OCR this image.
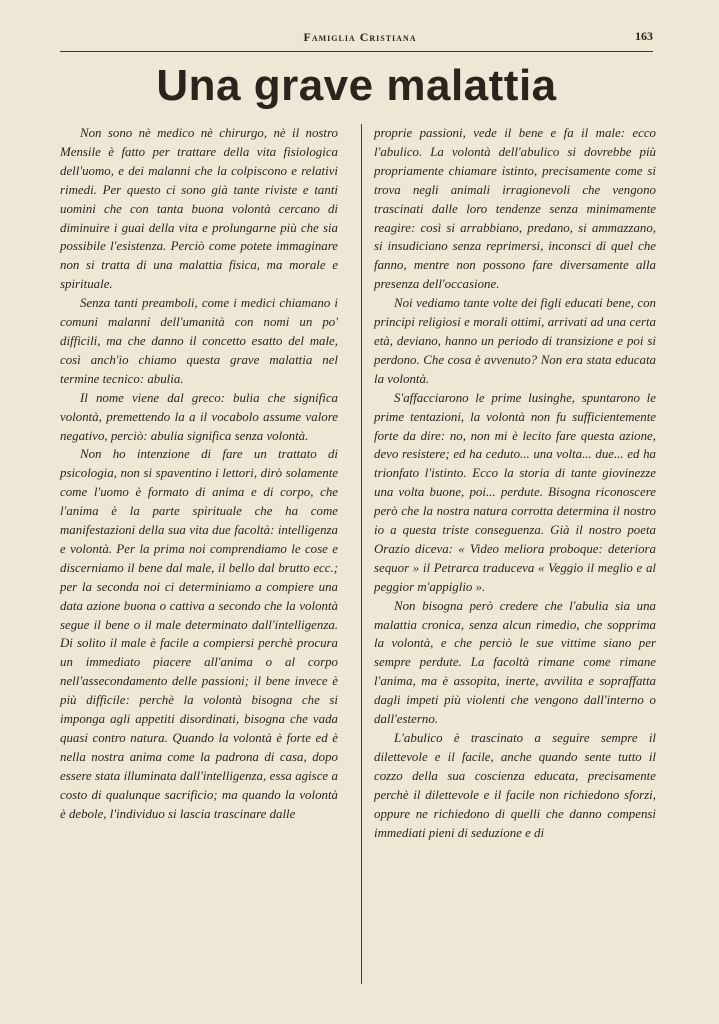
Famiglia Cristiana	163
Una grave malattia

Non sono nè medico nè chirurgo, nè il nostro Mensile è fatto per trattare della vita fisiologica dell'uomo, e dei malanni che la colpiscono e relativi rimedi. Per questo ci sono già tante riviste e tanti uomini che con tanta buona volontà cercano di diminuire i guai della vita e prolungarne più che sia possibile l'esistenza. Perciò come potete immaginare non si tratta di una malattia fisica, ma morale e spirituale.

Senza tanti preamboli, come i medici chiamano i comuni malanni dell'umanità con nomi un po' difficili, ma che danno il concetto esatto del male, così anch'io chiamo questa grave malattia nel termine tecnico: abulia.

Il nome viene dal greco: bulia che significa volontà, premettendo la a il vocabolo assume valore negativo, perciò: abulia significa senza volontà.

Non ho intenzione di fare un trattato di psicologia, non si spaventino i lettori, dirò solamente come l'uomo è formato di anima e di corpo, che l'anima è la parte spirituale che ha come manifestazioni della sua vita due facoltà: intelligenza e volontà. Per la prima noi comprendiamo le cose e discerniamo il bene dal male, il bello dal brutto ecc.; per la seconda noi ci determiniamo a compiere una data azione buona o cattiva a secondo che la volontà segue il bene o il male determinato dall'intelligenza. Di solito il male è facile a compiersi perchè procura un immediato piacere all'anima o al corpo nell'assecondamento delle passioni; il bene invece è più difficile: perchè la volontà bisogna che si imponga agli appetiti disordinati, bisogna che vada quasi contro natura. Quando la volontà è forte ed è nella nostra anima come la padrona di casa, dopo essere stata illuminata dall'intelligenza, essa agisce a costo di qualunque sacrificio; ma quando la volontà è debole, l'individuo si lascia trascinare dalle

proprie passioni, vede il bene e fa il male: ecco l'abulico. La volontà dell'abulico si dovrebbe più propriamente chiamare istinto, precisamente come si trova negli animali irragionevoli che vengono trascinati dalle loro tendenze senza minimamente reagire: così si arrabbiano, predano, si ammazzano, si insudiciano senza reprimersi, inconsci di quel che fanno, mentre non possono fare diversamente alla presenza dell'occasione.

Noi vediamo tante volte dei figli educati bene, con principi religiosi e morali ottimi, arrivati ad una certa età, deviano, hanno un periodo di transizione e poi si perdono. Che cosa è avvenuto? Non era stata educata la volontà.

S'affacciarono le prime lusinghe, spuntarono le prime tentazioni, la volontà non fu sufficientemente forte da dire: no, non mi è lecito fare questa azione, devo resistere; ed ha ceduto... una volta... due... ed ha trionfato l'istinto. Ecco la storia di tante giovinezze una volta buone, poi... perdute. Bisogna riconoscere però che la nostra natura corrotta determina il nostro io a questa triste conseguenza. Già il nostro poeta Orazio diceva: « Video meliora proboque: deteriora sequor » il Petrarca traduceva « Veggio il meglio e al peggior m'appiglio ».

Non bisogna però credere che l'abulia sia una malattia cronica, senza alcun rimedio, che sopprima la volontà, e che perciò le sue vittime siano per sempre perdute. La facoltà rimane come rimane l'anima, ma è assopita, inerte, avvilita e sopraffatta dagli impeti più violenti che vengono dall'interno o dall'esterno.

L'abulico è trascinato a seguire sempre il dilettevole e il facile, anche quando sente tutto il cozzo della sua coscienza educata, precisamente perchè il dilettevole e il facile non richiedono sforzi, oppure ne richiedono di quelli che danno compensi immediati pieni di seduzione e di
